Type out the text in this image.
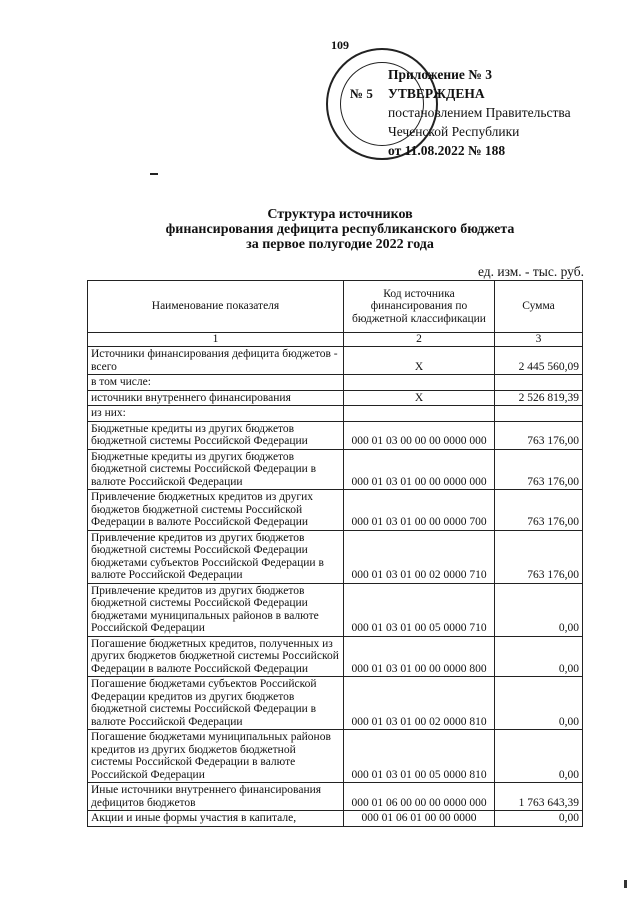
109
№ 5
Приложение № 3
УТВЕРЖДЕНА
постановлением Правительства
Чеченской Республики
от 11.08.2022 № 188
Структура источников
финансирования дефицита республиканского бюджета
за первое полугодие 2022 года
ед. изм. - тыс. руб.
Наименование показателя	Код источника финансирования по бюджетной классификации	Сумма
1	2	3
Источники финансирования дефицита бюджетов - всего	Х	2 445 560,09
в том числе:		
источники внутреннего финансирования	Х	2 526 819,39
из них:		
Бюджетные кредиты из других бюджетов бюджетной системы Российской Федерации	000 01 03 00 00 00 0000 000	763 176,00
Бюджетные кредиты из других бюджетов бюджетной системы Российской Федерации в валюте Российской Федерации	000 01 03 01 00 00 0000 000	763 176,00
Привлечение бюджетных кредитов из других бюджетов бюджетной системы Российской Федерации в валюте Российской Федерации	000 01 03 01 00 00 0000 700	763 176,00
Привлечение кредитов из других бюджетов бюджетной системы Российской Федерации бюджетами субъектов Российской Федерации в валюте Российской Федерации	000 01 03 01 00 02 0000 710	763 176,00
Привлечение кредитов из других бюджетов бюджетной системы Российской Федерации бюджетами муниципальных районов в валюте Российской Федерации	000 01 03 01 00 05 0000 710	0,00
Погашение бюджетных кредитов, полученных из других бюджетов бюджетной системы Российской Федерации в валюте Российской Федерации	000 01 03 01 00 00 0000 800	0,00
Погашение бюджетами субъектов Российской Федерации кредитов из других бюджетов бюджетной системы Российской Федерации в валюте Российской Федерации	000 01 03 01 00 02 0000 810	0,00
Погашение бюджетами муниципальных районов кредитов из других бюджетов бюджетной системы Российской Федерации в валюте Российской Федерации	000 01 03 01 00 05 0000 810	0,00
Иные источники внутреннего финансирования дефицитов бюджетов	000 01 06 00 00 00 0000 000	1 763 643,39
Акции и иные формы участия в капитале,	000 01 06 01 00 00 0000	0,00
